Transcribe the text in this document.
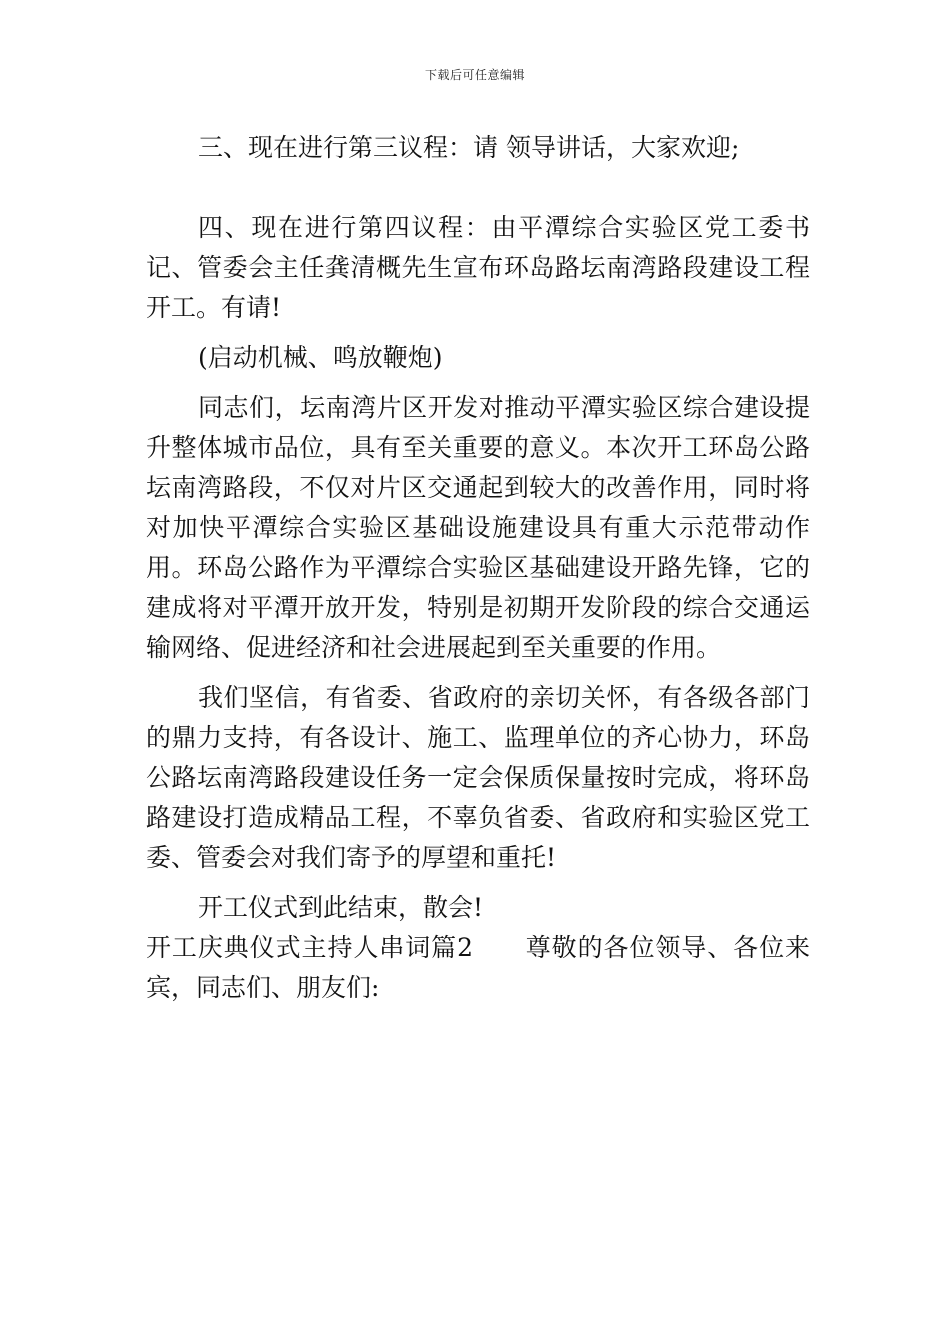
下载后可任意编辑

三、现在进行第三议程：请 领导讲话，大家欢迎;

四、现在进行第四议程：由平潭综合实验区党工委书记、管委会主任龚清概先生宣布环岛路坛南湾路段建设工程开工。有请!

(启动机械、鸣放鞭炮)

同志们，坛南湾片区开发对推动平潭实验区综合建设提升整体城市品位，具有至关重要的意义。本次开工环岛公路坛南湾路段，不仅对片区交通起到较大的改善作用，同时将对加快平潭综合实验区基础设施建设具有重大示范带动作用。环岛公路作为平潭综合实验区基础建设开路先锋，它的建成将对平潭开放开发，特别是初期开发阶段的综合交通运输网络、促进经济和社会进展起到至关重要的作用。

我们坚信，有省委、省政府的亲切关怀，有各级各部门的鼎力支持，有各设计、施工、监理单位的齐心协力，环岛公路坛南湾路段建设任务一定会保质保量按时完成，将环岛路建设打造成精品工程，不辜负省委、省政府和实验区党工委、管委会对我们寄予的厚望和重托!

开工仪式到此结束，散会!

开工庆典仪式主持人串词篇2　　尊敬的各位领导、各位来宾，同志们、朋友们:
